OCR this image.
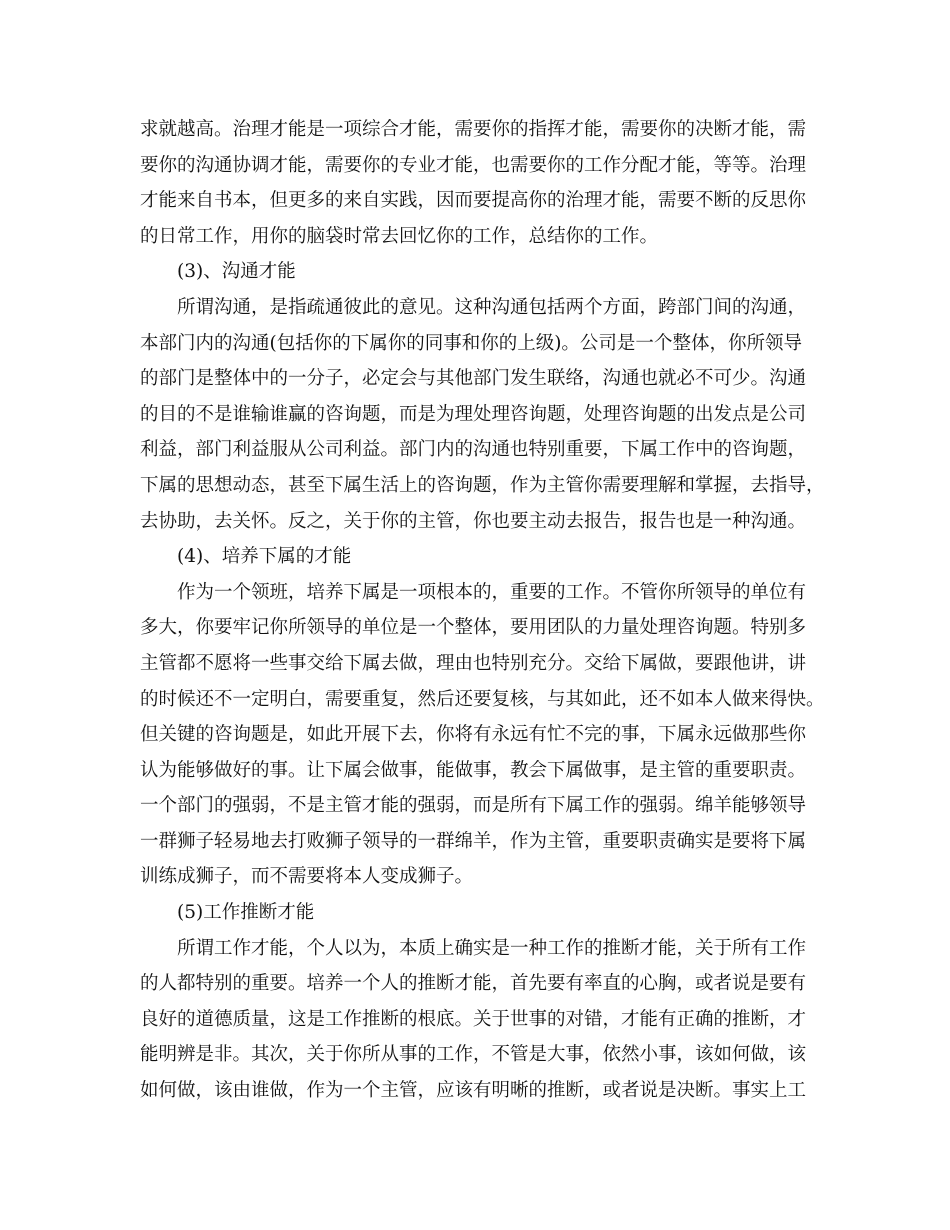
求就越高。治理才能是一项综合才能，需要你的指挥才能，需要你的决断才能，需
要你的沟通协调才能，需要你的专业才能，也需要你的工作分配才能，等等。治理
才能来自书本，但更多的来自实践，因而要提高你的治理才能，需要不断的反思你
的日常工作，用你的脑袋时常去回忆你的工作，总结你的工作。
(3)、沟通才能
所谓沟通，是指疏通彼此的意见。这种沟通包括两个方面，跨部门间的沟通，
本部门内的沟通(包括你的下属你的同事和你的上级)。公司是一个整体，你所领导
的部门是整体中的一分子，必定会与其他部门发生联络，沟通也就必不可少。沟通
的目的不是谁输谁赢的咨询题，而是为理处理咨询题，处理咨询题的出发点是公司
利益，部门利益服从公司利益。部门内的沟通也特别重要，下属工作中的咨询题，
下属的思想动态，甚至下属生活上的咨询题，作为主管你需要理解和掌握，去指导，
去协助，去关怀。反之，关于你的主管，你也要主动去报告，报告也是一种沟通。
(4)、培养下属的才能
作为一个领班，培养下属是一项根本的，重要的工作。不管你所领导的单位有
多大，你要牢记你所领导的单位是一个整体，要用团队的力量处理咨询题。特别多
主管都不愿将一些事交给下属去做，理由也特别充分。交给下属做，要跟他讲，讲
的时候还不一定明白，需要重复，然后还要复核，与其如此，还不如本人做来得快。
但关键的咨询题是，如此开展下去，你将有永远有忙不完的事，下属永远做那些你
认为能够做好的事。让下属会做事，能做事，教会下属做事，是主管的重要职责。
一个部门的强弱，不是主管才能的强弱，而是所有下属工作的强弱。绵羊能够领导
一群狮子轻易地去打败狮子领导的一群绵羊，作为主管，重要职责确实是要将下属
训练成狮子，而不需要将本人变成狮子。
(5)工作推断才能
所谓工作才能，个人以为，本质上确实是一种工作的推断才能，关于所有工作
的人都特别的重要。培养一个人的推断才能，首先要有率直的心胸，或者说是要有
良好的道德质量，这是工作推断的根底。关于世事的对错，才能有正确的推断，才
能明辨是非。其次，关于你所从事的工作，不管是大事，依然小事，该如何做，该
如何做，该由谁做，作为一个主管，应该有明晰的推断，或者说是决断。事实上工
